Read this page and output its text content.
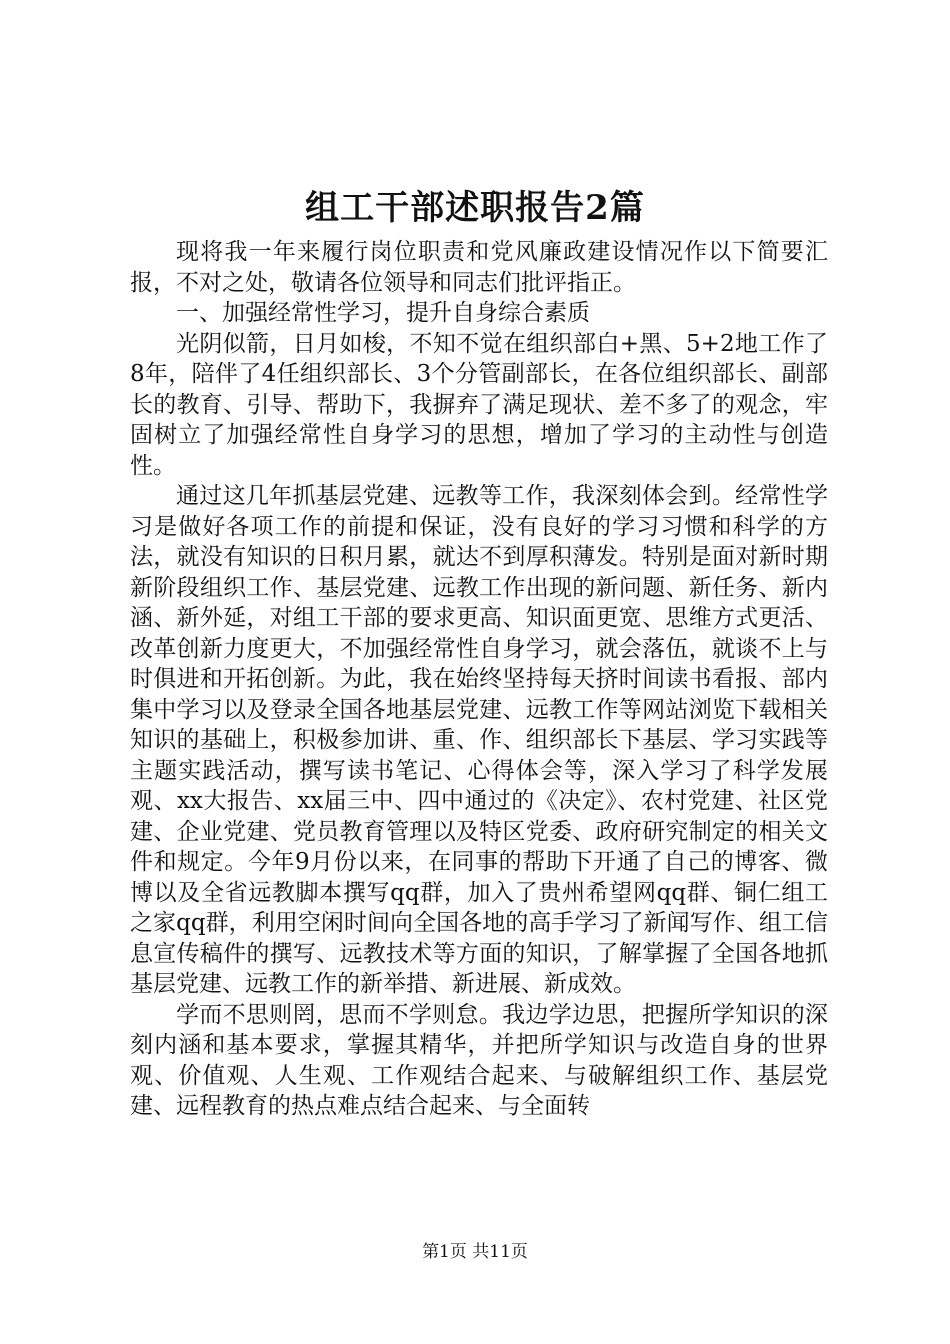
组工干部述职报告2篇

现将我一年来履行岗位职责和党风廉政建设情况作以下简要汇报，不对之处，敬请各位领导和同志们批评指正。

一、加强经常性学习，提升自身综合素质

光阴似箭，日月如梭，不知不觉在组织部白+黑、5+2地工作了8年，陪伴了4任组织部长、3个分管副部长，在各位组织部长、副部长的教育、引导、帮助下，我摒弃了满足现状、差不多了的观念，牢固树立了加强经常性自身学习的思想，增加了学习的主动性与创造性。

通过这几年抓基层党建、远教等工作，我深刻体会到。经常性学习是做好各项工作的前提和保证，没有良好的学习习惯和科学的方法，就没有知识的日积月累，就达不到厚积薄发。特别是面对新时期新阶段组织工作、基层党建、远教工作出现的新问题、新任务、新内涵、新外延，对组工干部的要求更高、知识面更宽、思维方式更活、改革创新力度更大，不加强经常性自身学习，就会落伍，就谈不上与时俱进和开拓创新。为此，我在始终坚持每天挤时间读书看报、部内集中学习以及登录全国各地基层党建、远教工作等网站浏览下载相关知识的基础上，积极参加讲、重、作、组织部长下基层、学习实践等主题实践活动，撰写读书笔记、心得体会等，深入学习了科学发展观、xx大报告、xx届三中、四中通过的《决定》、农村党建、社区党建、企业党建、党员教育管理以及特区党委、政府研究制定的相关文件和规定。今年9月份以来，在同事的帮助下开通了自己的博客、微博以及全省远教脚本撰写qq群，加入了贵州希望网qq群、铜仁组工之家qq群，利用空闲时间向全国各地的高手学习了新闻写作、组工信息宣传稿件的撰写、远教技术等方面的知识，了解掌握了全国各地抓基层党建、远教工作的新举措、新进展、新成效。

学而不思则罔，思而不学则怠。我边学边思，把握所学知识的深刻内涵和基本要求，掌握其精华，并把所学知识与改造自身的世界观、价值观、人生观、工作观结合起来、与破解组织工作、基层党建、远程教育的热点难点结合起来、与全面转

第1页 共11页
